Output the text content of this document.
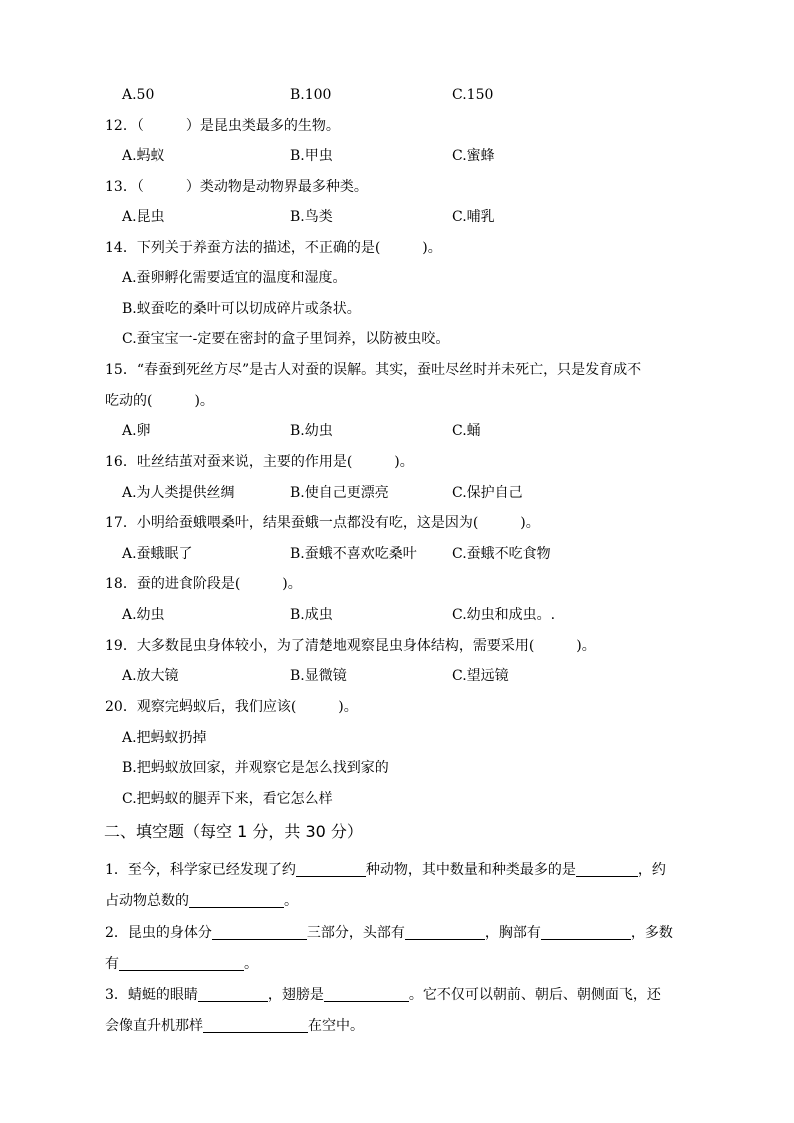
A.50	B.100	C.150
12．（　　　）是昆虫类最多的生物。
A.蚂蚁	B.甲虫	C.蜜蜂
13．（　　　）类动物是动物界最多种类。
A.昆虫	B.鸟类	C.哺乳
14．下列关于养蚕方法的描述，不正确的是(　　　)。
A.蚕卵孵化需要适宜的温度和湿度。
B.蚁蚕吃的桑叶可以切成碎片或条状。
C.蚕宝宝一-定要在密封的盒子里饲养，以防被虫咬。
15．“春蚕到死丝方尽”是古人对蚕的误解。其实，蚕吐尽丝时并未死亡，只是发育成不
吃动的(　　　)。
A.卵	B.幼虫	C.蛹
16．吐丝结茧对蚕来说，主要的作用是(　　　)。
A.为人类提供丝绸	B.使自己更漂亮	C.保护自己
17．小明给蚕蛾喂桑叶，结果蚕蛾一点都没有吃，这是因为(　　　)。
A.蚕蛾眠了	B.蚕蛾不喜欢吃桑叶	C.蚕蛾不吃食物
18．蚕的进食阶段是(　　　)。
A.幼虫	B.成虫	C.幼虫和成虫。.
19．大多数昆虫身体较小，为了清楚地观察昆虫身体结构，需要采用(　　　)。
A.放大镜	B.显微镜	C.望远镜
20．观察完蚂蚁后，我们应该(　　　)。
A.把蚂蚁扔掉
B.把蚂蚁放回家，并观察它是怎么找到家的
C.把蚂蚁的腿弄下来，看它怎么样
二、填空题（每空 1 分，共 30 分）
1．至今，科学家已经发现了约	种动物，其中数量和种类最多的是	，约
占动物总数的	。
2．昆虫的身体分	三部分，头部有	，胸部有	，多数
有	。
3．蜻蜓的眼睛	，翅膀是	。它不仅可以朝前、朝后、朝侧面飞，还
会像直升机那样	在空中。
